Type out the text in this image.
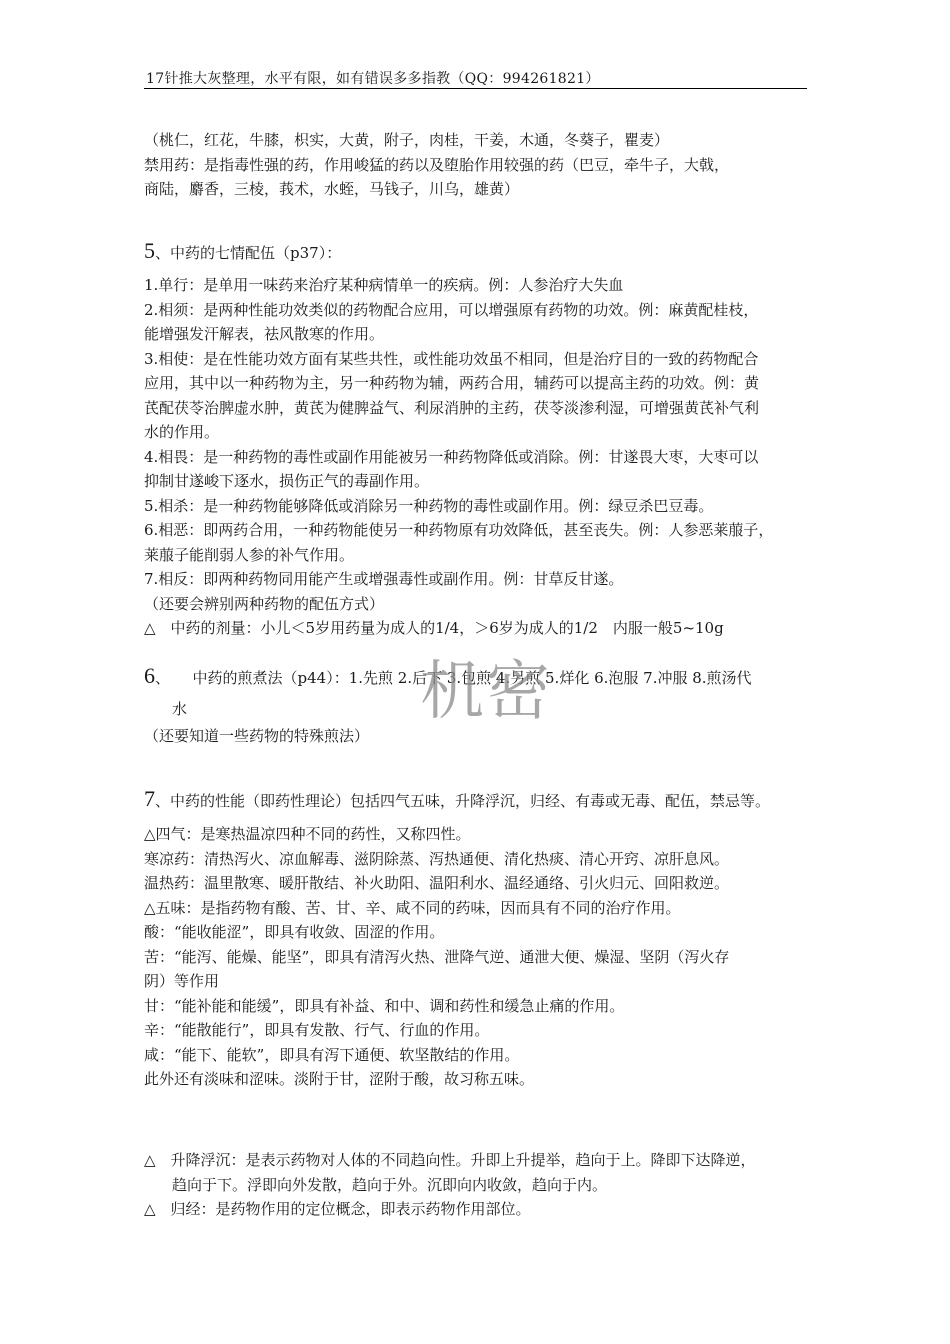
17针推大灰整理，水平有限，如有错误多多指教（QQ：994261821）
（桃仁，红花，牛膝，枳实，大黄，附子，肉桂，干姜，木通，冬葵子，瞿麦）
禁用药：是指毒性强的药，作用峻猛的药以及堕胎作用较强的药（巴豆，牵牛子，大戟，
商陆，麝香，三棱，莪术，水蛭，马钱子，川乌，雄黄）
5、中药的七情配伍（p37）：
1.单行：是单用一味药来治疗某种病情单一的疾病。例：人参治疗大失血
2.相须：是两种性能功效类似的药物配合应用，可以增强原有药物的功效。例：麻黄配桂枝，
能增强发汗解表，祛风散寒的作用。
3.相使：是在性能功效方面有某些共性，或性能功效虽不相同，但是治疗目的一致的药物配合
应用，其中以一种药物为主，另一种药物为辅，两药合用，辅药可以提高主药的功效。例：黄
芪配茯苓治脾虚水肿，黄芪为健脾益气、利尿消肿的主药，茯苓淡渗利湿，可增强黄芪补气利
水的作用。
4.相畏：是一种药物的毒性或副作用能被另一种药物降低或消除。例：甘遂畏大枣，大枣可以
抑制甘遂峻下逐水，损伤正气的毒副作用。
5.相杀：是一种药物能够降低或消除另一种药物的毒性或副作用。例：绿豆杀巴豆毒。
6.相恶：即两药合用，一种药物能使另一种药物原有功效降低，甚至丧失。例：人参恶莱菔子，
莱菔子能削弱人参的补气作用。
7.相反：即两种药物同用能产生或增强毒性或副作用。例：甘草反甘遂。
（还要会辨别两种药物的配伍方式）
△　中药的剂量：小儿＜5岁用药量为成人的1/4，＞6岁为成人的1/2　内服一般5~10g
6、　　中药的煎煮法（p44）：1.先煎 2.后下 3.包煎 4.另煎 5.烊化 6.泡服 7.冲服 8.煎汤代
水
（还要知道一些药物的特殊煎法）
机密
7、中药的性能（即药性理论）包括四气五味，升降浮沉，归经、有毒或无毒、配伍，禁忌等。
△四气：是寒热温凉四种不同的药性，又称四性。
寒凉药：清热泻火、凉血解毒、滋阴除蒸、泻热通便、清化热痰、清心开窍、凉肝息风。
温热药：温里散寒、暖肝散结、补火助阳、温阳利水、温经通络、引火归元、回阳救逆。
△五味：是指药物有酸、苦、甘、辛、咸不同的药味，因而具有不同的治疗作用。
酸：“能收能涩”，即具有收敛、固涩的作用。
苦：“能泻、能燥、能坚”，即具有清泻火热、泄降气逆、通泄大便、燥湿、坚阴（泻火存
阴）等作用
甘：“能补能和能缓”，即具有补益、和中、调和药性和缓急止痛的作用。
辛：“能散能行”，即具有发散、行气、行血的作用。
咸：“能下、能软”，即具有泻下通便、软坚散结的作用。
此外还有淡味和涩味。淡附于甘，涩附于酸，故习称五味。
△　升降浮沉：是表示药物对人体的不同趋向性。升即上升提举，趋向于上。降即下达降逆，
趋向于下。浮即向外发散，趋向于外。沉即向内收敛，趋向于内。
△　归经：是药物作用的定位概念，即表示药物作用部位。
